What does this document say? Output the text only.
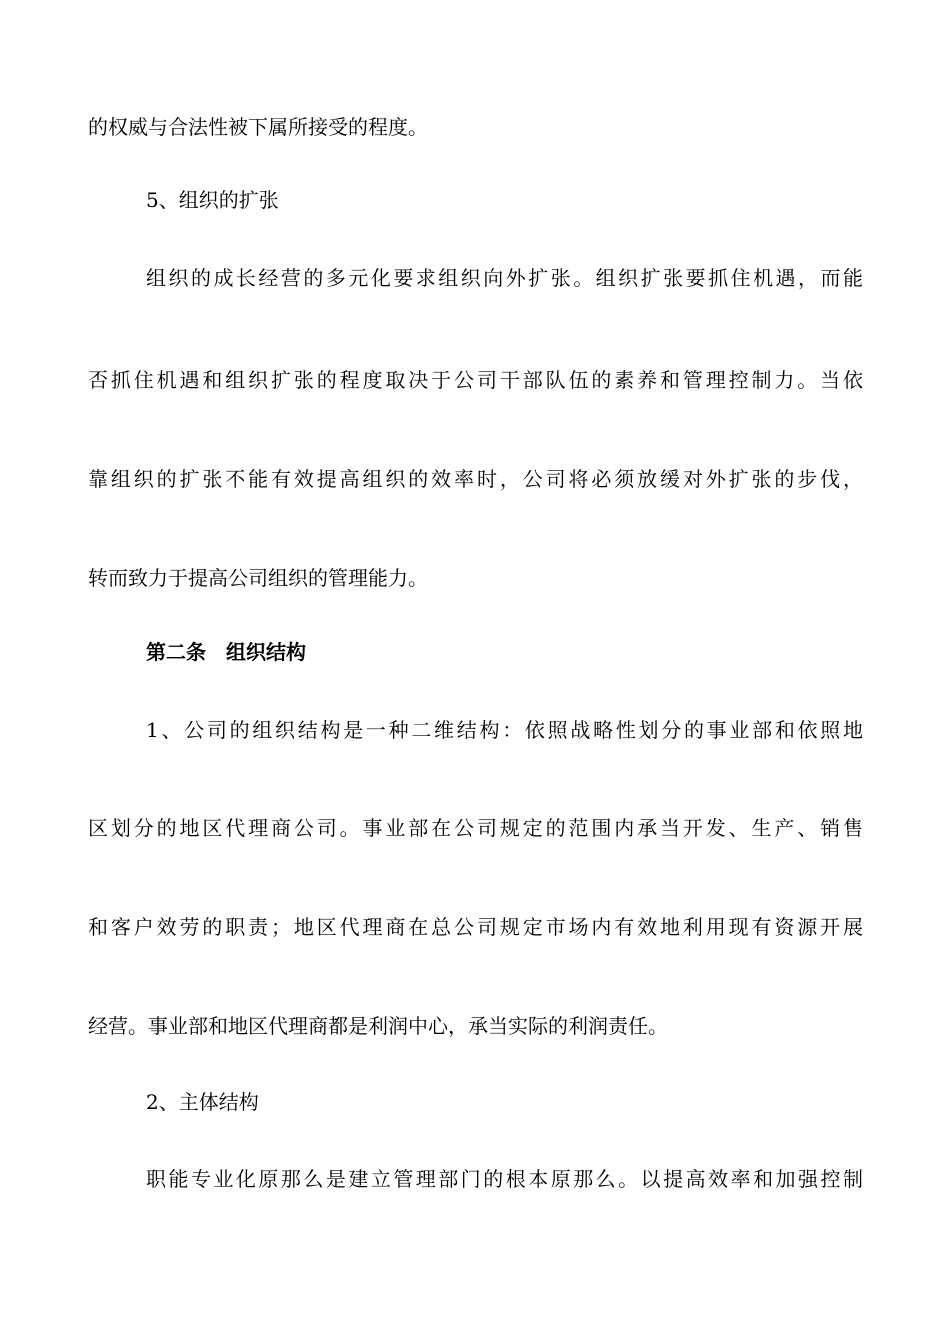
的权威与合法性被下属所接受的程度。
5、组织的扩张
组织的成长经营的多元化要求组织向外扩张。组织扩张要抓住机遇，而能
否抓住机遇和组织扩张的程度取决于公司干部队伍的素养和管理控制力。当依
靠组织的扩张不能有效提高组织的效率时，公司将必须放缓对外扩张的步伐，
转而致力于提高公司组织的管理能力。
第二条　组织结构
1、公司的组织结构是一种二维结构：依照战略性划分的事业部和依照地
区划分的地区代理商公司。事业部在公司规定的范围内承当开发、生产、销售
和客户效劳的职责；地区代理商在总公司规定市场内有效地利用现有资源开展
经营。事业部和地区代理商都是利润中心，承当实际的利润责任。
2、主体结构
职能专业化原那么是建立管理部门的根本原那么。以提高效率和加强控制
